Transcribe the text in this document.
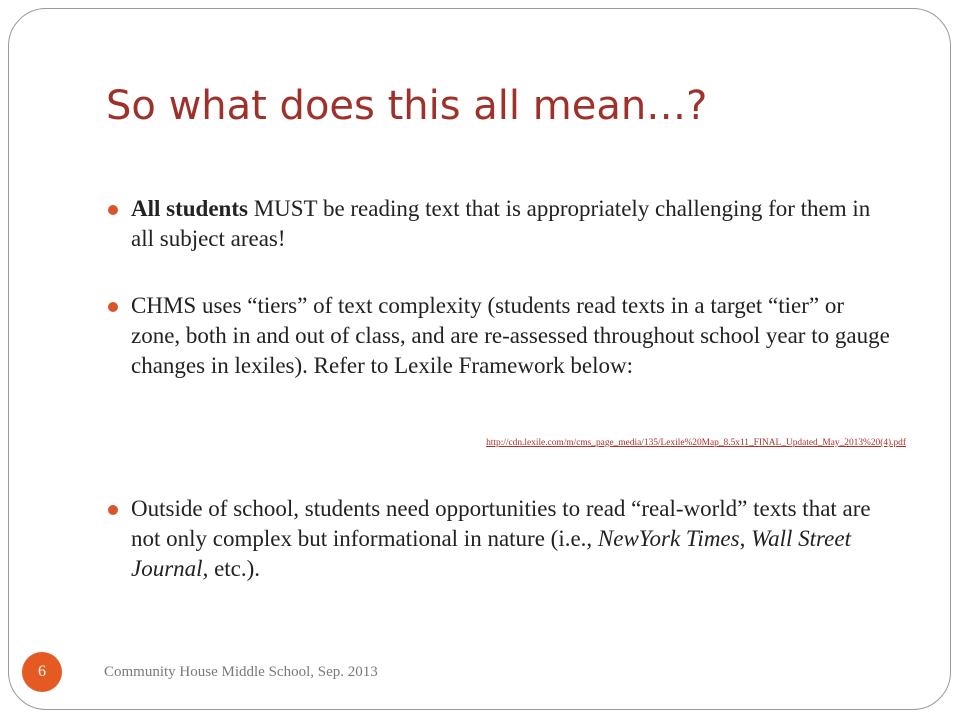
So what does this all mean…?
All students MUST be reading text that is appropriately challenging for them in all subject areas!
CHMS uses “tiers” of text complexity (students read texts in a target “tier” or zone, both in and out of class, and are re-assessed throughout school year to gauge changes in lexiles). Refer to Lexile Framework below:
Outside of school, students need opportunities to read “real-world” texts that are not only complex but informational in nature (i.e., NewYork Times, Wall Street Journal, etc.).
http://cdn.lexile.com/m/cms_page_media/135/Lexile%20Map_8.5x11_FINAL_Updated_May_2013%20(4).pdf
6	Community House Middle School, Sep. 2013
